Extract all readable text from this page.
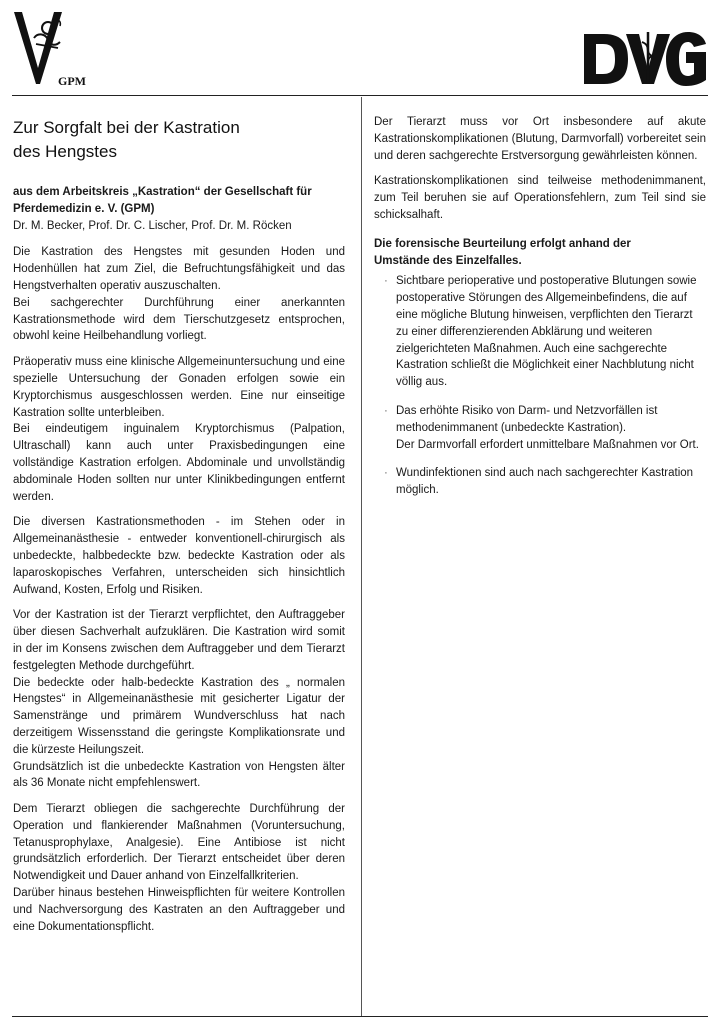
GPM
Zur Sorgfalt bei der Kastration
des Hengstes

aus dem Arbeitskreis „Kastration“ der Gesellschaft für Pferdemedizin e. V. (GPM)

Dr. M. Becker, Prof. Dr. C. Lischer, Prof. Dr. M. Röcken

Die Kastration des Hengstes mit gesunden Hoden und Hodenhüllen hat zum Ziel, die Befruchtungsfähigkeit und das Hengstverhalten operativ auszuschalten.

Bei sachgerechter Durchführung einer anerkannten Kastrationsmethode wird dem Tierschutzgesetz entsprochen, obwohl keine Heilbehandlung vorliegt.

Präoperativ muss eine klinische Allgemeinuntersuchung und eine spezielle Untersuchung der Gonaden erfolgen sowie ein Kryptorchismus ausgeschlossen werden. Eine nur einseitige Kastration sollte unterbleiben.

Bei eindeutigem inguinalem Kryptorchismus (Palpation, Ultraschall) kann auch unter Praxisbedingungen eine vollständige Kastration erfolgen. Abdominale und unvollständig abdominale Hoden sollten nur unter Klinikbedingungen entfernt werden.

Die diversen Kastrationsmethoden - im Stehen oder in Allgemeinanästhesie - entweder konventionell-chirurgisch als unbedeckte, halbbedeckte bzw. bedeckte Kastration oder als laparoskopisches Verfahren, unterscheiden sich hinsichtlich Aufwand, Kosten, Erfolg und Risiken.

Vor der Kastration ist der Tierarzt verpflichtet, den Auftraggeber über diesen Sachverhalt aufzuklären. Die Kastration wird somit in der im Konsens zwischen dem Auftraggeber und dem Tierarzt festgelegten Methode durchgeführt.

Die bedeckte oder halb-bedeckte Kastration des „ normalen Hengstes“ in Allgemeinanästhesie mit gesicherter Ligatur der Samenstränge und primärem Wundverschluss hat nach derzeitigem Wissensstand die geringste Komplikationsrate und die kürzeste Heilungszeit.

Grundsätzlich ist die unbedeckte Kastration von Hengsten älter als 36 Monate nicht empfehlenswert.

Dem Tierarzt obliegen die sachgerechte Durchführung der Operation und flankierender Maßnahmen (Voruntersuchung, Tetanusprophylaxe, Analgesie). Eine Antibiose ist nicht grundsätzlich erforderlich. Der Tierarzt entscheidet über deren Notwendigkeit und Dauer anhand von Einzelfallkriterien.

Darüber hinaus bestehen Hinweispflichten für weitere Kontrollen und Nachversorgung des Kastraten an den Auftraggeber und eine Dokumentationspflicht.

Der Tierarzt muss vor Ort insbesondere auf akute Kastrationskomplikationen (Blutung, Darmvorfall) vorbereitet sein und deren sachgerechte Erstversorgung gewährleisten können.

Kastrationskomplikationen sind teilweise methodenimmanent, zum Teil beruhen sie auf Operationsfehlern, zum Teil sind sie schicksalhaft.

Die forensische Beurteilung erfolgt anhand der
Umstände des Einzelfalles.
· Sichtbare perioperative und postoperative Blutungen sowie postoperative Störungen des Allgemeinbefindens, die auf eine mögliche Blutung hinweisen, verpflichten den Tierarzt zu einer differenzierenden Abklärung und weiteren zielgerichteten Maßnahmen. Auch eine sachgerechte Kastration schließt die Möglichkeit einer Nachblutung nicht völlig aus.

· Das erhöhte Risiko von Darm- und Netzvorfällen ist methodenimmanent (unbedeckte Kastration).

Der Darmvorfall erfordert unmittelbare Maßnahmen vor Ort.

· Wundinfektionen sind auch nach sachgerechter Kastration möglich.
